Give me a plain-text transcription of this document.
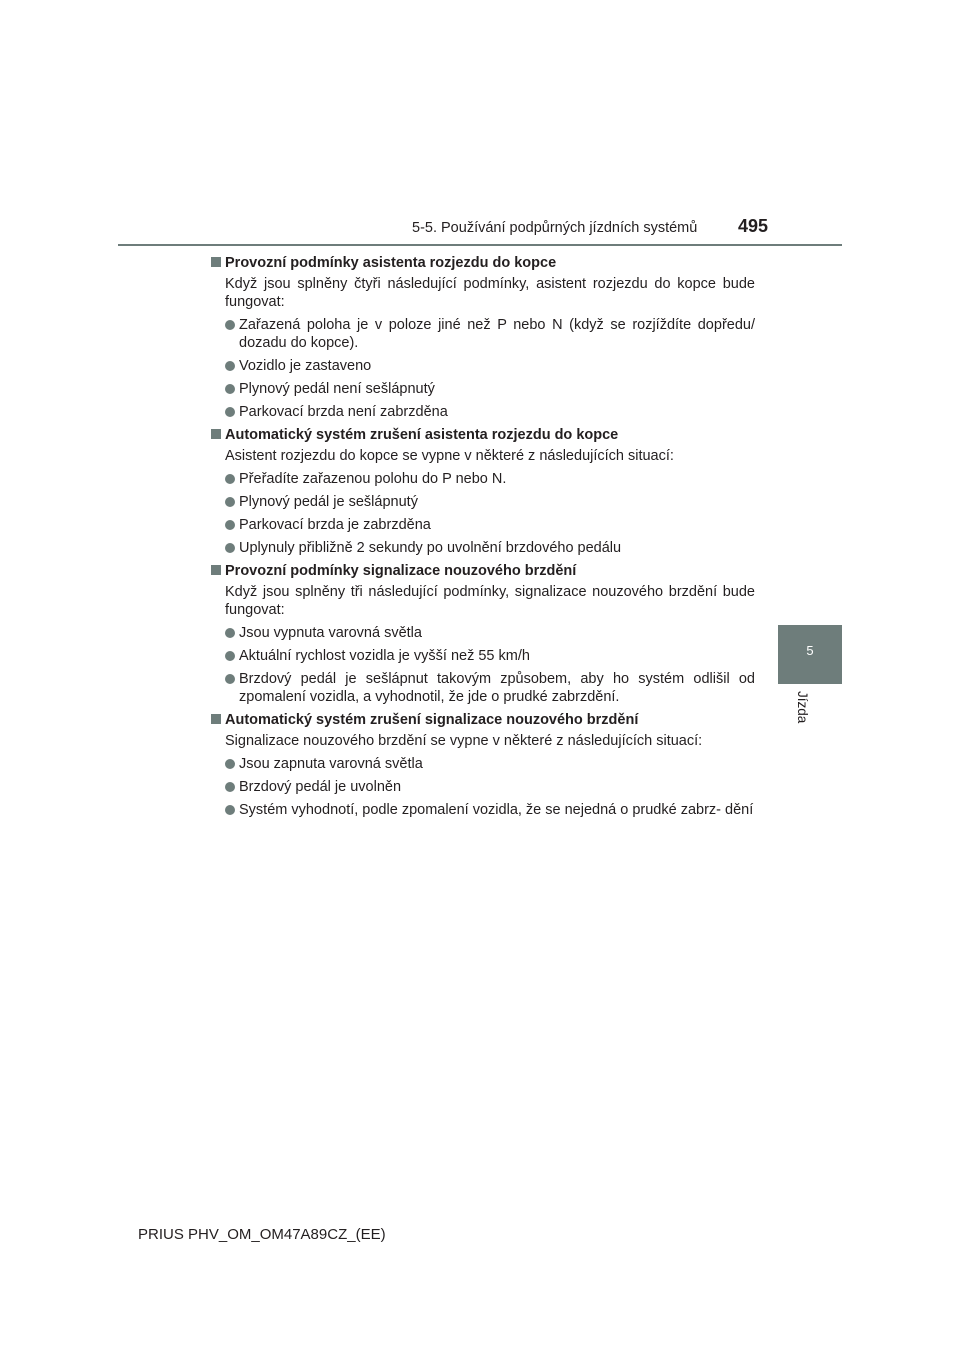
5-5. Používání podpůrných jízdních systémů 495
5
Jízda
Provozní podmínky asistenta rozjezdu do kopce
Když jsou splněny čtyři následující podmínky, asistent rozjezdu do kopce bude fungovat:
Zařazená poloha je v poloze jiné než P nebo N (když se rozjíždíte dopředu/ dozadu do kopce).
Vozidlo je zastaveno
Plynový pedál není sešlápnutý
Parkovací brzda není zabrzděna
Automatický systém zrušení asistenta rozjezdu do kopce
Asistent rozjezdu do kopce se vypne v některé z následujících situací:
Přeřadíte zařazenou polohu do P nebo N.
Plynový pedál je sešlápnutý
Parkovací brzda je zabrzděna
Uplynuly přibližně 2 sekundy po uvolnění brzdového pedálu
Provozní podmínky signalizace nouzového brzdění
Když jsou splněny tři následující podmínky, signalizace nouzového brzdění bude fungovat:
Jsou vypnuta varovná světla
Aktuální rychlost vozidla je vyšší než 55 km/h
Brzdový pedál je sešlápnut takovým způsobem, aby ho systém odlišil od zpomalení vozidla, a vyhodnotil, že jde o prudké zabrzdění.
Automatický systém zrušení signalizace nouzového brzdění
Signalizace nouzového brzdění se vypne v některé z následujících situací:
Jsou zapnuta varovná světla
Brzdový pedál je uvolněn
Systém vyhodnotí, podle zpomalení vozidla, že se nejedná o prudké zabrz- dění
PRIUS PHV_OM_OM47A89CZ_(EE)
